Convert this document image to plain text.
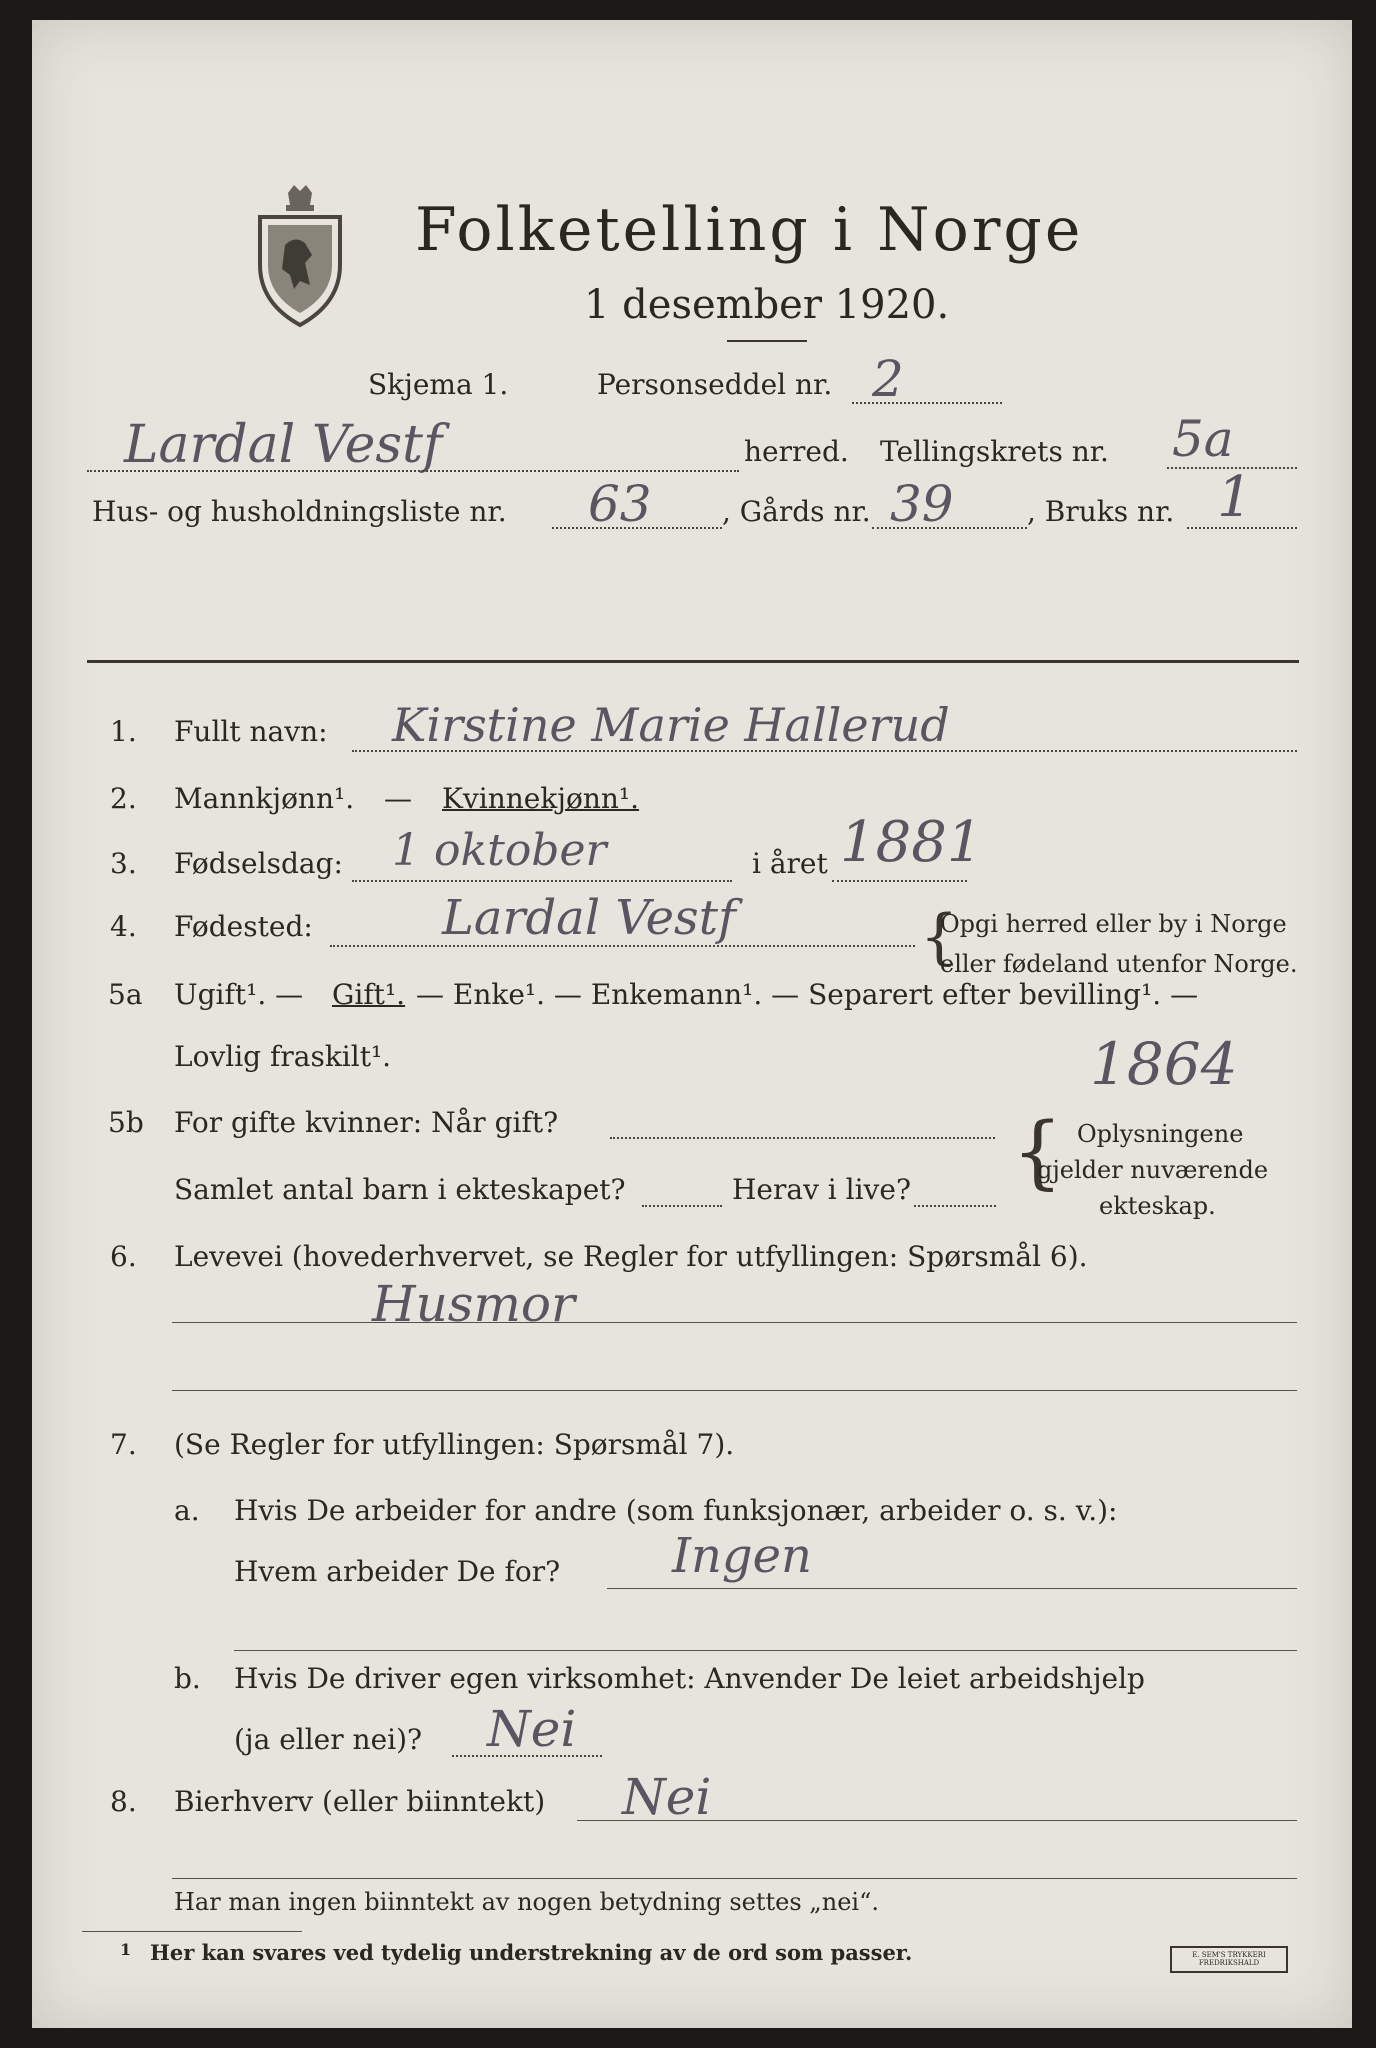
Folketelling i Norge
1 desember 1920.
Skjema 1.	Personseddel nr. 2
Lardal Vestf	herred. Tellingskrets nr. 5a
Hus- og husholdningsliste nr. 63	, Gårds nr. 39	, Bruks nr. 1
1. Fullt navn: Kirstine Marie Hallerud
2. Mannkjønn¹. — Kvinnekjønn¹.
3. Fødselsdag: 1 oktober	i året 1881
4. Fødested:	Lardal Vestf	{
Opgi herred eller by i Norge
eller fødeland utenfor Norge.
5a Ugift¹. — Gift¹. — Enke¹. — Enkemann¹. — Separert efter bevilling¹. —
Lovlig fraskilt¹.	1864
5b For gifte kvinner: Når gift?
Samlet antal barn i ekteskapet?	Herav i live? { Oplysningene
gjelder nuværende
ekteskap.
6. Levevei (hovederhvervet, se Regler for utfyllingen: Spørsmål 6).
Husmor
7. (Se Regler for utfyllingen: Spørsmål 7).
a. Hvis De arbeider for andre (som funksjonær, arbeider o. s. v.):
Hvem arbeider De for? Ingen
b. Hvis De driver egen virksomhet: Anvender De leiet arbeidshjelp
(ja eller nei)? Nei
8. Bierhverv (eller biinntekt) Nei
Har man ingen biinntekt av nogen betydning settes „nei“.
1 Her kan svares ved tydelig understrekning av de ord som passer.	E. SEM'S TRYKKERI FREDRIKSHALD
